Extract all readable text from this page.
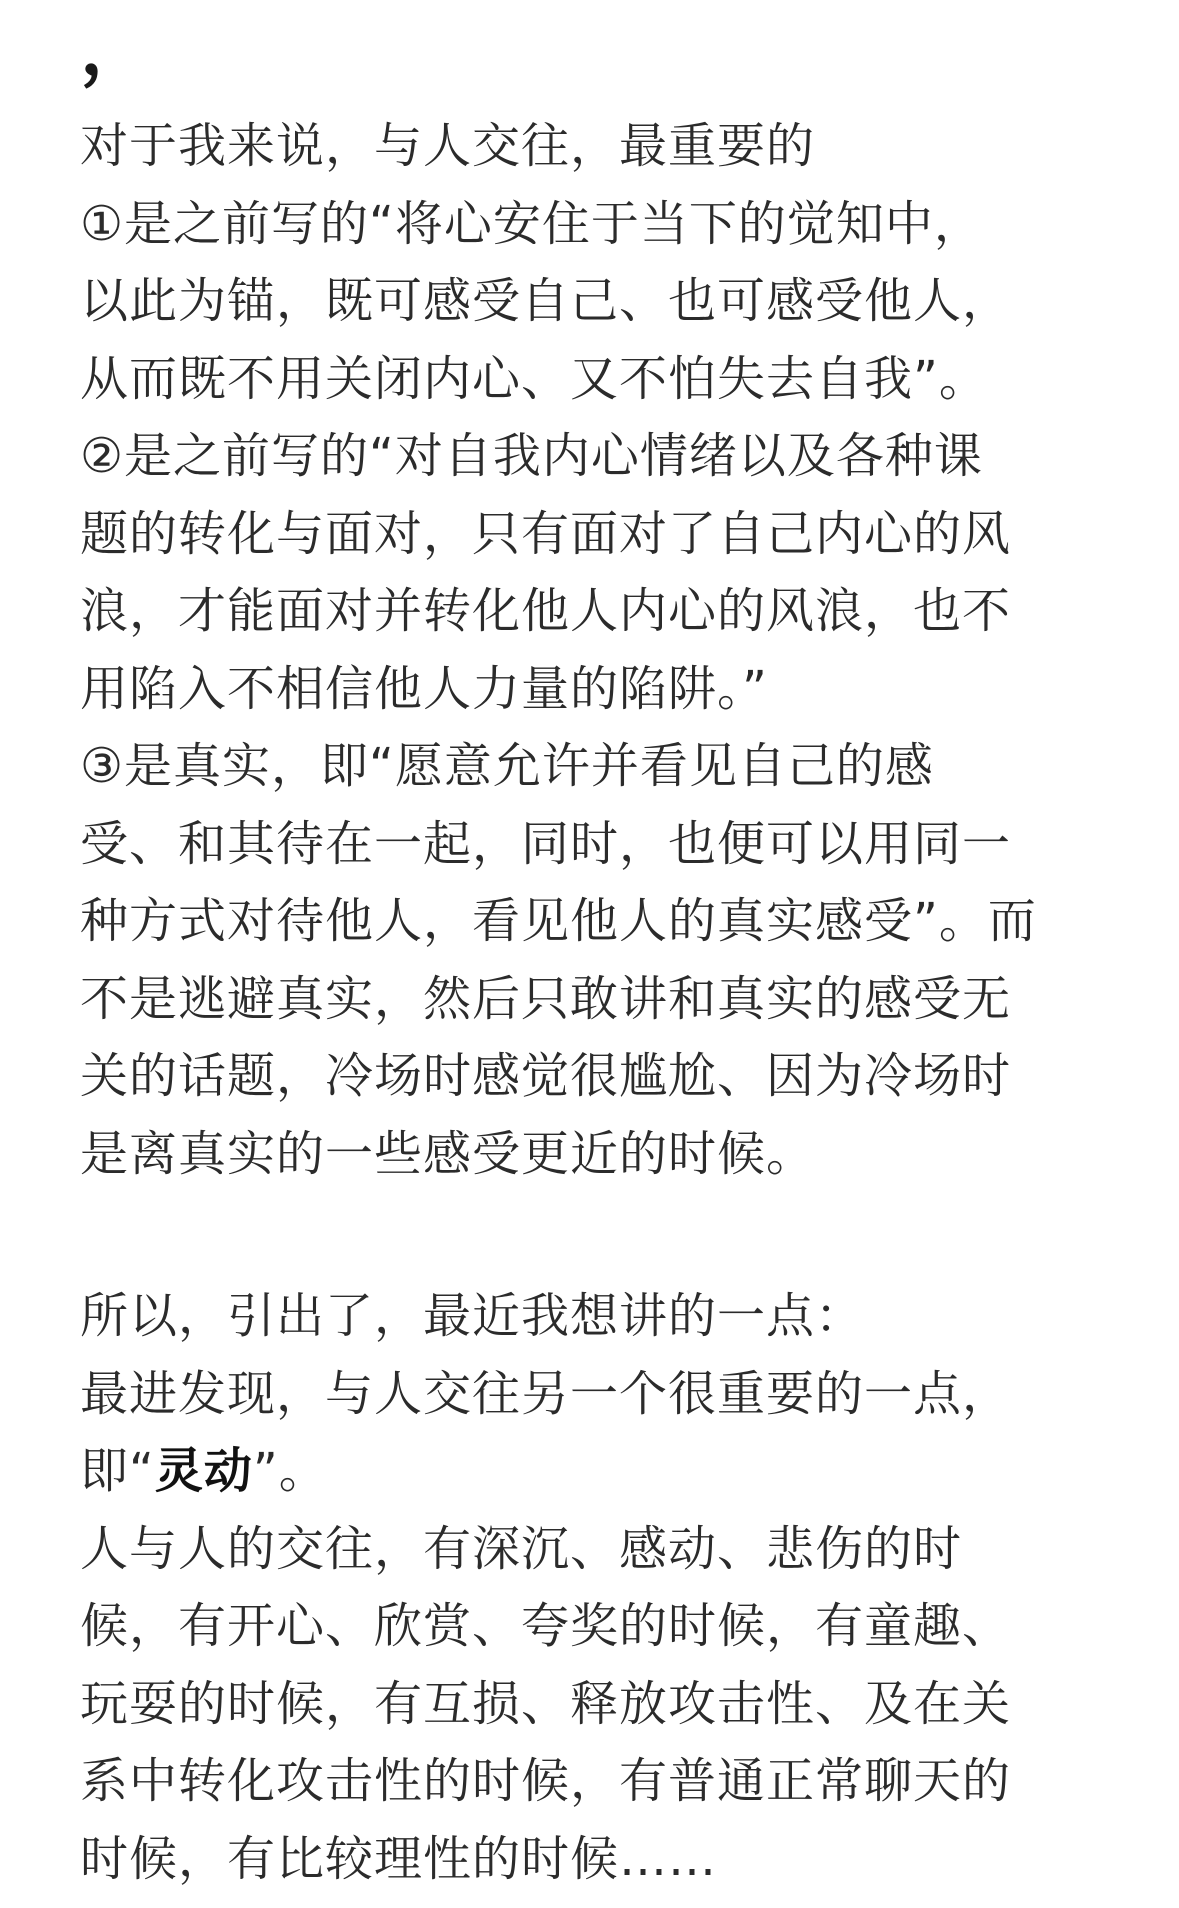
，
对于我来说，与人交往，最重要的
①是之前写的“将心安住于当下的觉知中，
以此为锚，既可感受自己、也可感受他人，
从而既不用关闭内心、又不怕失去自我”。
②是之前写的“对自我内心情绪以及各种课
题的转化与面对，只有面对了自己内心的风
浪，才能面对并转化他人内心的风浪，也不
用陷入不相信他人力量的陷阱。”
③是真实，即“愿意允许并看见自己的感
受、和其待在一起，同时，也便可以用同一
种方式对待他人，看见他人的真实感受”。而
不是逃避真实，然后只敢讲和真实的感受无
关的话题，冷场时感觉很尴尬、因为冷场时
是离真实的一些感受更近的时候。
所以，引出了，最近我想讲的一点：
最进发现，与人交往另一个很重要的一点，
即“灵动”。
人与人的交往，有深沉、感动、悲伤的时
候，有开心、欣赏、夸奖的时候，有童趣、
玩耍的时候，有互损、释放攻击性、及在关
系中转化攻击性的时候，有普通正常聊天的
时候，有比较理性的时候……
